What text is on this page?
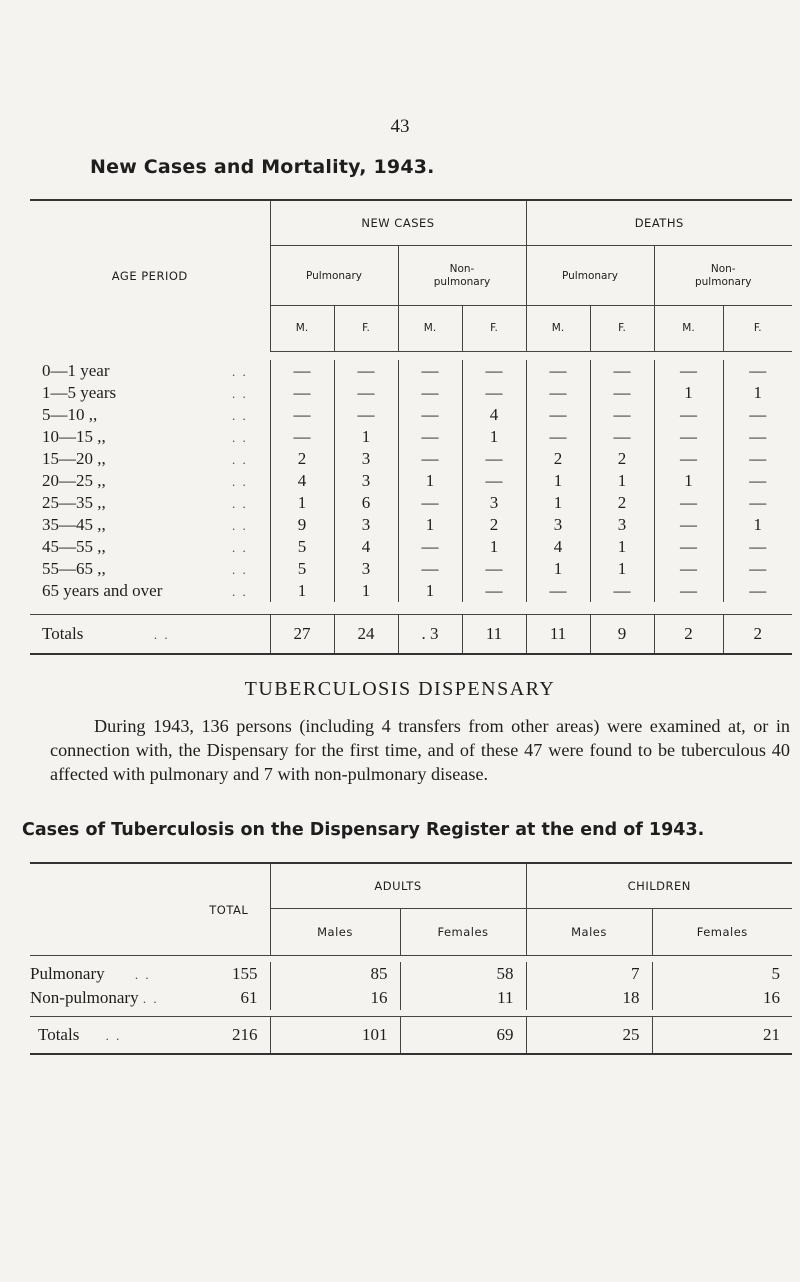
43
New Cases and Mortality, 1943.
AGE PERIOD	NEW CASES				DEATHS			
	Pulmonary		Non-
pulmonary		Pulmonary		Non-
pulmonary	
	M.	F.	M.	F.	M.	F.	M.	F.

0—1 year . .	—	—	—	—	—	—	—	—
1—5 years . .	—	—	—	—	—	—	1	1
5—10 ,, . .	—	—	—	4	—	—	—	—
10—15 ,, . .	—	1	—	1	—	—	—	—
15—20 ,, . .	2	3	—	—	2	2	—	—
20—25 ,, . .	4	3	1	—	1	1	1	—
25—35 ,, . .	1	6	—	3	1	2	—	—
35—45 ,, . .	9	3	1	2	3	3	—	1
45—55 ,, . .	5	4	—	1	4	1	—	—
55—65 ,, . .	5	3	—	—	1	1	—	—
65 years and over . .	1	1	1	—	—	—	—	—

Totals . .	27	24	. 3	11	11	9	2	2
TUBERCULOSIS DISPENSARY
During 1943, 136 persons (including 4 transfers from other areas) were examined at, or in connection with, the Dispensary for the first time, and of these 47 were found to be tuberculous 40 affected with pulmonary and 7 with non-pulmonary disease.
Cases of Tuberculosis on the Dispensary Register at the end of 1943.
	TOTAL	ADULTS		CHILDREN	
		Males	Females	Males	Females

Pulmonary . .	155	85	58	7	5
Non-pulmonary . .	61	16	11	18	16

Totals . .	216	101	69	25	21
